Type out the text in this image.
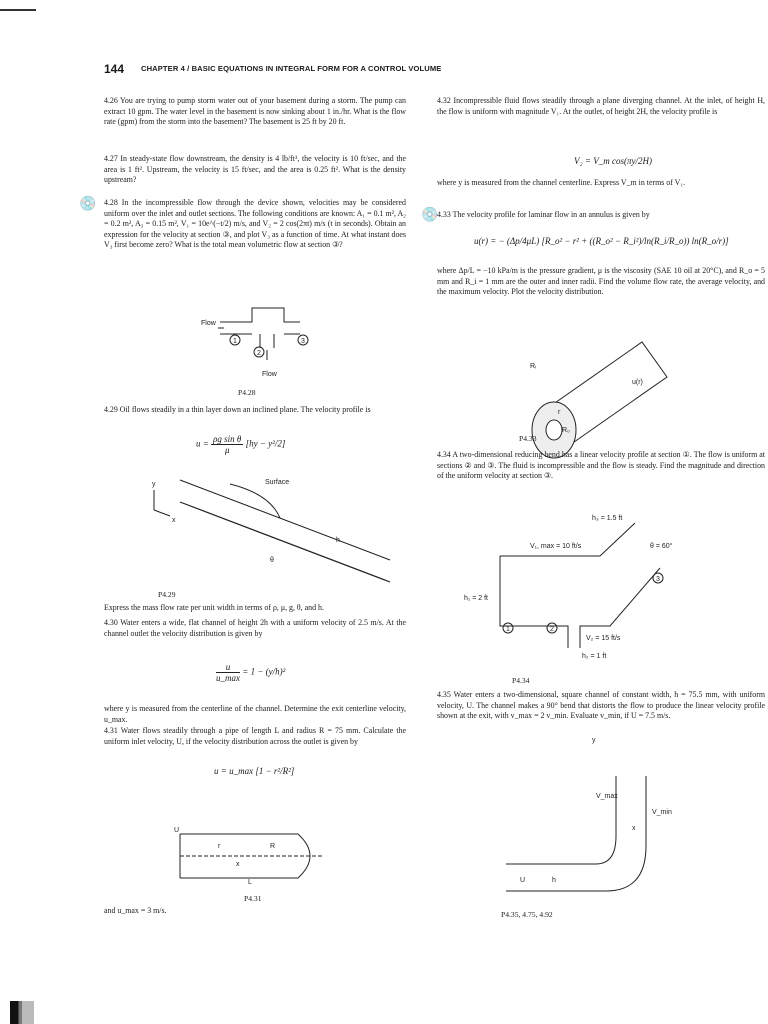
144 CHAPTER 4 / BASIC EQUATIONS IN INTEGRAL FORM FOR A CONTROL VOLUME

4.26 You are trying to pump storm water out of your basement during a storm. The pump can extract 10 gpm. The water level in the basement is now sinking about 1 in./hr. What is the flow rate (gpm) from the storm into the basement? The basement is 25 ft by 20 ft.

4.27 In steady-state flow downstream, the density is 4 lb/ft³, the velocity is 10 ft/sec, and the area is 1 ft². Upstream, the velocity is 15 ft/sec, and the area is 0.25 ft². What is the density upstream?

💿 4.28 In the incompressible flow through the device shown, velocities may be considered uniform over the inlet and outlet sections. The following conditions are known: A₁ = 0.1 m², A₂ = 0.2 m², A₃ = 0.15 m², V₁ = 10e^(−t/2) m/s, and V₂ = 2 cos(2πt) m/s (t in seconds). Obtain an expression for the velocity at section ③, and plot V₃ as a function of time. At what instant does V₃ first become zero? What is the total mean volumetric flow at section ③?

Flow
1
2
3
Flow
P4.28

4.29 Oil flows steadily in a thin layer down an inclined plane. The velocity profile is

$u = \frac{\text{ρg sin θ}}{\mu} [hy - y^2/2]$
Surface
y
x
h
θ
P4.29

Express the mass flow rate per unit width in terms of ρ, μ, g, θ, and h.

4.30 Water enters a wide, flat channel of height 2h with a uniform velocity of 2.5 m/s. At the channel outlet the velocity distribution is given by

$\frac{u}{u\_\max} = 1 - (y/h)^2$

where y is measured from the centerline of the channel. Determine the exit centerline velocity, u_max.

4.31 Water flows steadily through a pipe of length L and radius R = 75 mm. Calculate the uniform inlet velocity, U, if the velocity distribution across the outlet is given by

u = u_max [1 − r²/R²]
U
r
x
R
L
P4.31

and u_max = 3 m/s.

4.32 Incompressible fluid flows steadily through a plane diverging channel. At the inlet, of height H, the flow is uniform with magnitude V₁. At the outlet, of height 2H, the velocity profile is

V₂ = V_m cos(πy/2H)

where y is measured from the channel centerline. Express V_m in terms of V₁.

💿

4.33 The velocity profile for laminar flow in an annulus is given by

u(r) = − (Δp/4μL) [R_o² − r² + ((R_o² − R_i²)/ln(R_i/R_o)) ln(R_o/r)]

where Δp/L = −10 kPa/m is the pressure gradient, μ is the viscosity (SAE 10 oil at 20°C), and R_o = 5 mm and R_i = 1 mm are the outer and inner radii. Find the volume flow rate, the average velocity, and the maximum velocity. Plot the velocity distribution.

Rᵢ
r
R₀
u(r)
P4.33

4.34 A two-dimensional reducing bend has a linear velocity profile at section ①. The flow is uniform at sections ② and ③. The fluid is incompressible and the flow is steady. Find the magnitude and direction of the uniform velocity at section ③.

h₃ = 1.5 ft
θ = 60°
V₁, max = 10 ft/s
h₁ = 2 ft
V₂ = 15 ft/s
h₂ = 1 ft
1	2
3
P4.34

4.35 Water enters a two-dimensional, square channel of constant width, h = 75.5 mm, with uniform velocity, U. The channel makes a 90° bend that distorts the flow to produce the linear velocity profile shown at the exit, with v_max = 2 v_min. Evaluate v_min, if U = 7.5 m/s.

y
V_max
V_min
x
U	h
P4.35, 4.75, 4.92
